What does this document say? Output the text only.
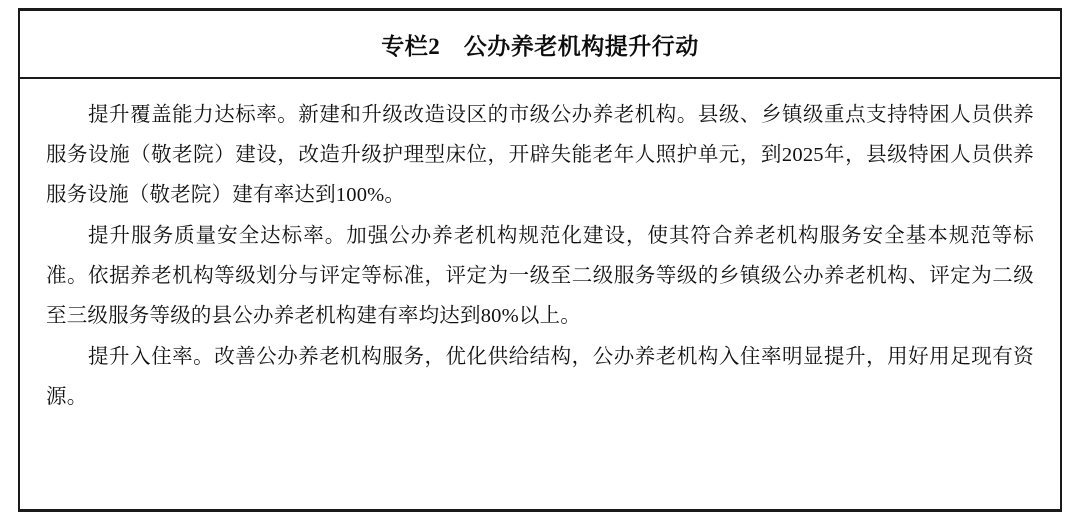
专栏2　公办养老机构提升行动

提升覆盖能力达标率。新建和升级改造设区的市级公办养老机构。县级、乡镇级重点支持特困人员供养服务设施（敬老院）建设，改造升级护理型床位，开辟失能老年人照护单元，到2025年，县级特困人员供养服务设施（敬老院）建有率达到100%。

提升服务质量安全达标率。加强公办养老机构规范化建设，使其符合养老机构服务安全基本规范等标准。依据养老机构等级划分与评定等标准，评定为一级至二级服务等级的乡镇级公办养老机构、评定为二级至三级服务等级的县公办养老机构建有率均达到80%以上。

提升入住率。改善公办养老机构服务，优化供给结构，公办养老机构入住率明显提升，用好用足现有资源。
